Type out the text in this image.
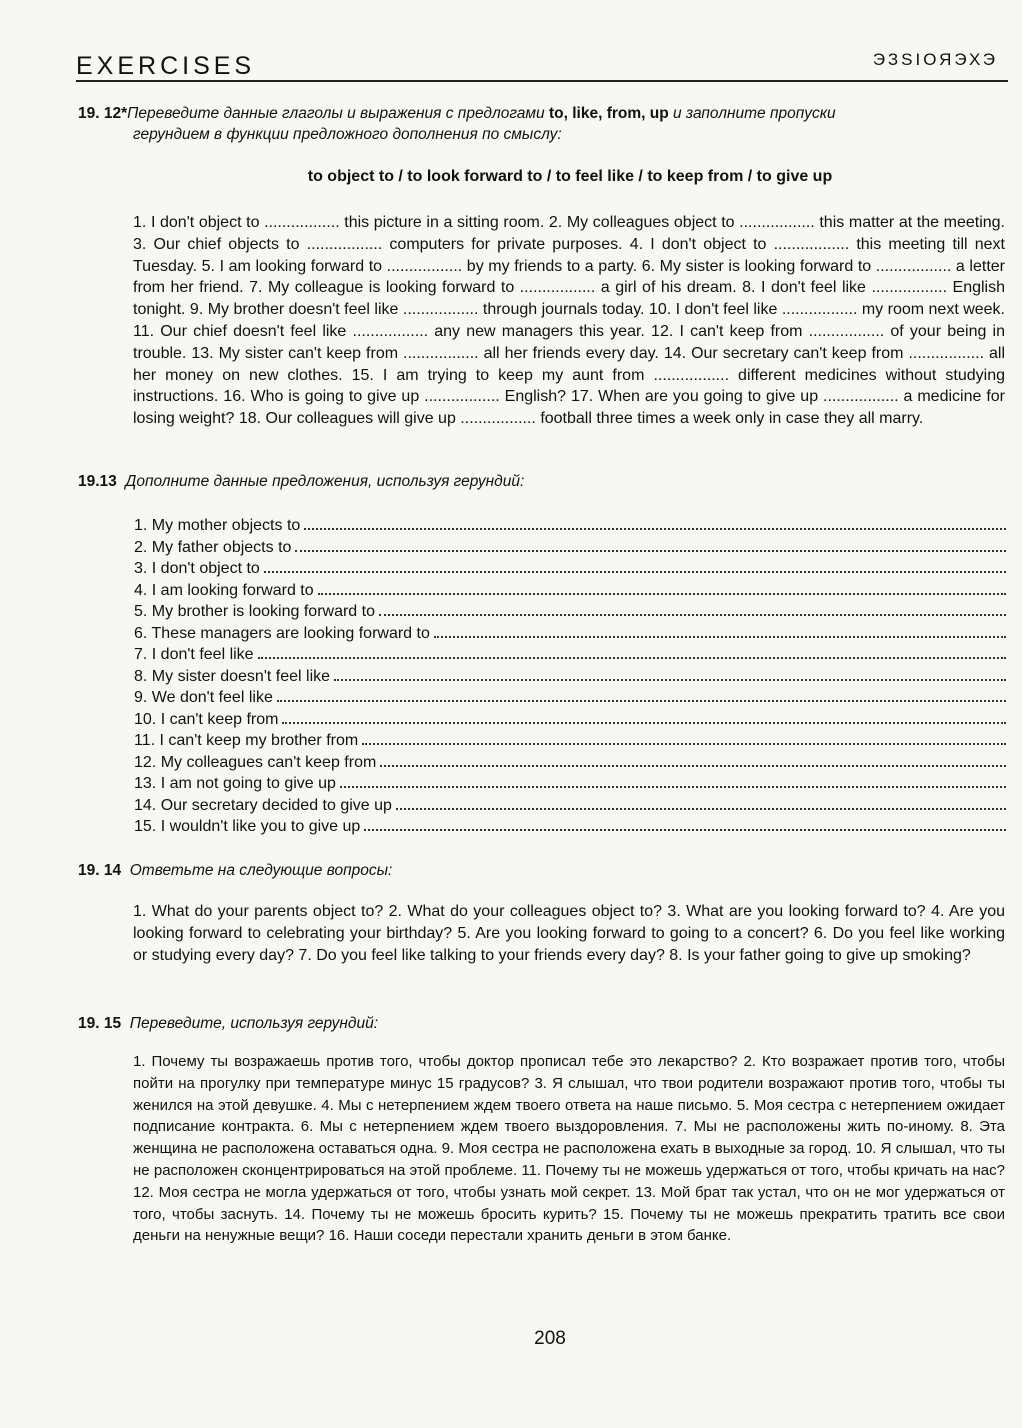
EXERCISES	ЭЗЅІОЯЭХЭ
19. 12*Переведите данные глаголы и выражения с предлогами to, like, from, up и заполните пропуски
герундием в функции предложного дополнения по смыслу:
to object to / to look forward to / to feel like / to keep from / to give up
1. I don't object to ................. this picture in a sitting room. 2. My colleagues object to ................. this matter at the meeting. 3. Our chief objects to ................. computers for private purposes. 4. I don't object to ................. this meeting till next Tuesday. 5. I am looking forward to ................. by my friends to a party. 6. My sister is looking forward to ................. a letter from her friend. 7. My colleague is looking forward to ................. a girl of his dream. 8. I don't feel like ................. English tonight. 9. My brother doesn't feel like ................. through journals today. 10. I don't feel like ................. my room next week. 11. Our chief doesn't feel like ................. any new managers this year. 12. I can't keep from ................. of your being in trouble. 13. My sister can't keep from ................. all her friends every day. 14. Our secretary can't keep from ................. all her money on new clothes. 15. I am trying to keep my aunt from ................. different medicines without studying instructions. 16. Who is going to give up ................. English? 17. When are you going to give up ................. a medicine for losing weight? 18. Our colleagues will give up ................. football three times a week only in case they all marry.
19.13 Дополните данные предложения, используя герундий:
1. My mother objects to
2. My father objects to
3. I don't object to
4. I am looking forward to
5. My brother is looking forward to
6. These managers are looking forward to
7. I don't feel like
8. My sister doesn't feel like
9. We don't feel like
10. I can't keep from
11. I can't keep my brother from
12. My colleagues can't keep from
13. I am not going to give up
14. Our secretary decided to give up
15. I wouldn't like you to give up
19. 14 Ответьте на следующие вопросы:
1. What do your parents object to? 2. What do your colleagues object to? 3. What are you looking forward to? 4. Are you looking forward to celebrating your birthday? 5. Are you looking forward to going to a concert? 6. Do you feel like working or studying every day? 7. Do you feel like talking to your friends every day? 8. Is your father going to give up smoking?
19. 15 Переведите, используя герундий:
1. Почему ты возражаешь против того, чтобы доктор прописал тебе это лекарство? 2. Кто возражает против того, чтобы пойти на прогулку при температуре минус 15 градусов? 3. Я слышал, что твои родители возражают против того, чтобы ты женился на этой девушке. 4. Мы с нетерпением ждем твоего ответа на наше письмо. 5. Моя сестра с нетерпением ожидает подписание контракта. 6. Мы с нетерпением ждем твоего выздоровления. 7. Мы не расположены жить по-иному. 8. Эта женщина не расположена оставаться одна. 9. Моя сестра не расположена ехать в выходные за город. 10. Я слышал, что ты не расположен сконцентрироваться на этой проблеме. 11. Почему ты не можешь удержаться от того, чтобы кричать на нас? 12. Моя сестра не могла удержаться от того, чтобы узнать мой секрет. 13. Мой брат так устал, что он не мог удержаться от того, чтобы заснуть. 14. Почему ты не можешь бросить курить? 15. Почему ты не можешь прекратить тратить все свои деньги на ненужные вещи? 16. Наши соседи перестали хранить деньги в этом банке.
208
